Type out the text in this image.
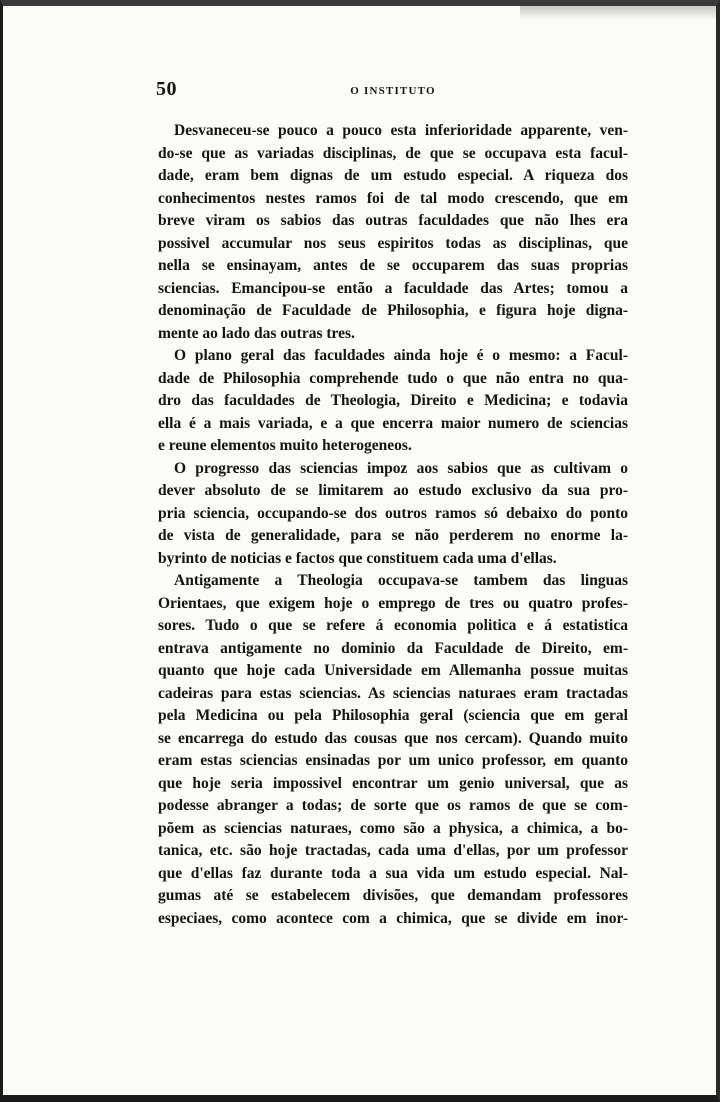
50	O INSTITUTO

Desvaneceu-se pouco a pouco esta inferioridade apparente, ven-
do-se que as variadas disciplinas, de que se occupava esta facul-
dade, eram bem dignas de um estudo especial. A riqueza dos
conhecimentos nestes ramos foi de tal modo crescendo, que em
breve viram os sabios das outras faculdades que não lhes era
possivel accumular nos seus espiritos todas as disciplinas, que
nella se ensinayam, antes de se occuparem das suas proprias
sciencias. Emancipou-se então a faculdade das Artes; tomou a
denominação de Faculdade de Philosophia, e figura hoje digna-
mente ao lado das outras tres.

O plano geral das faculdades ainda hoje é o mesmo: a Facul-
dade de Philosophia comprehende tudo o que não entra no qua-
dro das faculdades de Theologia, Direito e Medicina; e todavia
ella é a mais variada, e a que encerra maior numero de sciencias
e reune elementos muito heterogeneos.

O progresso das sciencias impoz aos sabios que as cultivam o
dever absoluto de se limitarem ao estudo exclusivo da sua pro-
pria sciencia, occupando-se dos outros ramos só debaixo do ponto
de vista de generalidade, para se não perderem no enorme la-
byrinto de noticias e factos que constituem cada uma d'ellas.

Antigamente a Theologia occupava-se tambem das linguas
Orientaes, que exigem hoje o emprego de tres ou quatro profes-
sores. Tudo o que se refere á economia politica e á estatistica
entrava antigamente no dominio da Faculdade de Direito, em-
quanto que hoje cada Universidade em Allemanha possue muitas
cadeiras para estas sciencias. As sciencias naturaes eram tractadas
pela Medicina ou pela Philosophia geral (sciencia que em geral
se encarrega do estudo das cousas que nos cercam). Quando muito
eram estas sciencias ensinadas por um unico professor, em quanto
que hoje seria impossivel encontrar um genio universal, que as
podesse abranger a todas; de sorte que os ramos de que se com-
põem as sciencias naturaes, como são a physica, a chimica, a bo-
tanica, etc. são hoje tractadas, cada uma d'ellas, por um professor
que d'ellas faz durante toda a sua vida um estudo especial. Nal-
gumas até se estabelecem divisões, que demandam professores
especiaes, como acontece com a chimica, que se divide em inor-
